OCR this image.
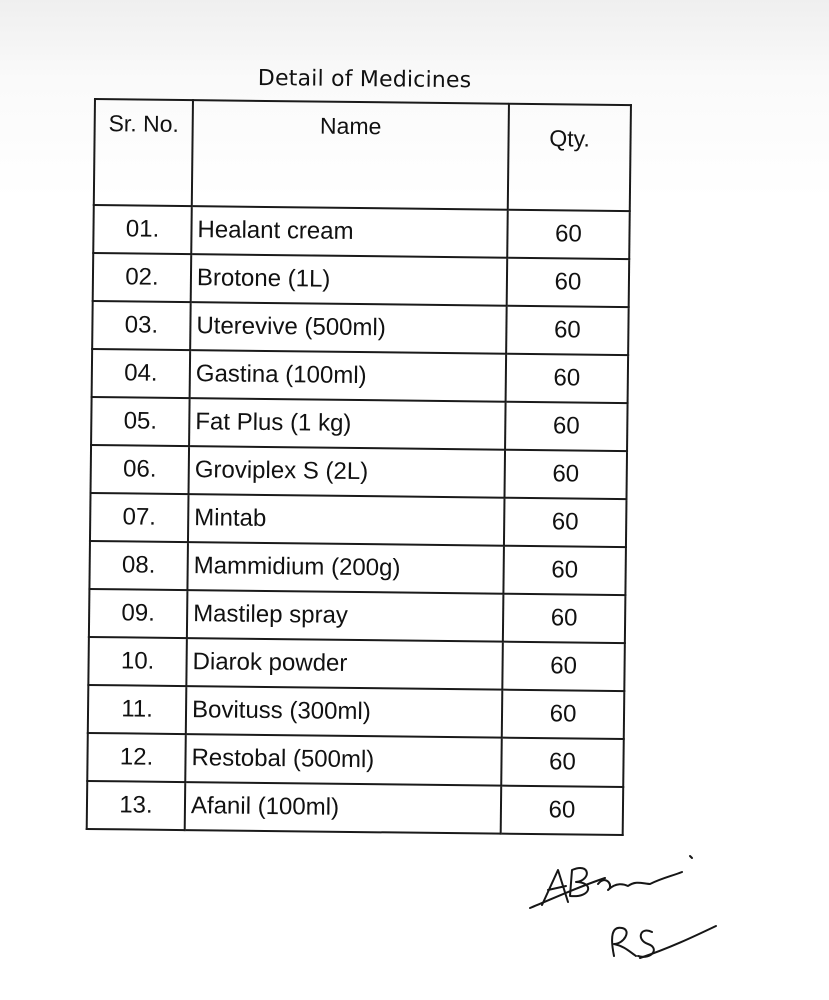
Detail of Medicines
Sr. No.	Name	Qty.
01.	Healant cream	60
02.	Brotone (1L)	60
03.	Uterevive (500ml)	60
04.	Gastina (100ml)	60
05.	Fat Plus (1 kg)	60
06.	Groviplex S (2L)	60
07.	Mintab	60
08.	Mammidium (200g)	60
09.	Mastilep spray	60
10.	Diarok powder	60
11.	Bovituss (300ml)	60
12.	Restobal (500ml)	60
13.	Afanil (100ml)	60
